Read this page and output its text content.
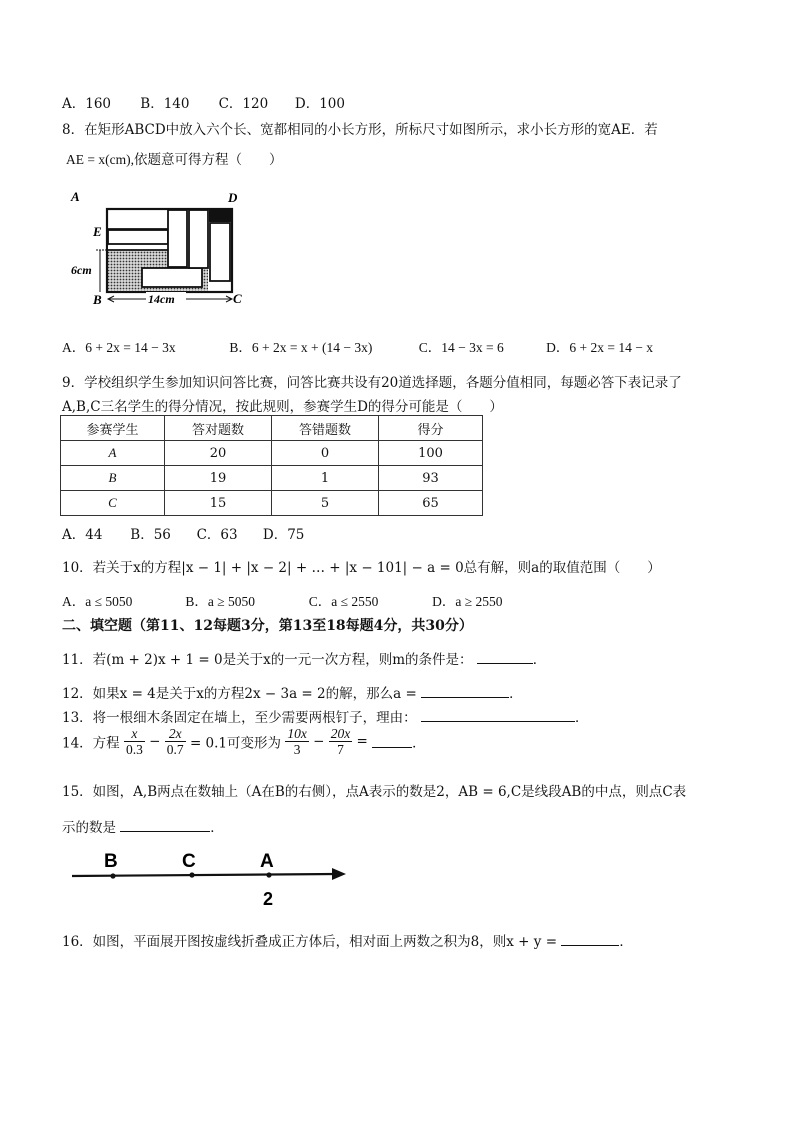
A．160 B．140 C．120 D．100
8．在矩形ABCD中放入六个长、宽都相同的小长方形，所标尺寸如图所示，求小长方形的宽AE．若
AE = x(cm),依题意可得方程（　　）
A	D
E
B	C
6cm
14cm
A．6 + 2x = 14 − 3x	B．6 + 2x = x + (14 − 3x)	C．14 − 3x = 6	D．6 + 2x = 14 − x
9．学校组织学生参加知识问答比赛，问答比赛共设有20道选择题，各题分值相同，每题必答下表记录了
A,B,C三名学生的得分情况，按此规则，参赛学生D的得分可能是（　　）
参赛学生	答对题数	答错题数	得分
A	20	0	100
B	19	1	93
C	15	5	65
A．44 B．56 C．63 D．75
10．若关于x的方程|x − 1| + |x − 2| + … + |x − 101| − a = 0总有解，则a的取值范围（　　）
A．a ≤ 5050	B．a ≥ 5050	C．a ≤ 2550	D．a ≥ 2550
二、填空题（第11、12每题3分，第13至18每题4分，共30分）
11．若(m + 2)x + 1 = 0是关于x的一元一次方程，则m的条件是：	．
12．如果x = 4是关于x的方程2x − 3a = 2的解，那么a =	．
13．将一根细木条固定在墙上，至少需要两根钉子，理由：	．
14．方程 $\frac{x}{0.3} - \frac{2x}{0.7} = 0.1$可变形为 $\frac{10x}{3} - \frac{20x}{7}$ =	．
15．如图，A,B两点在数轴上（A在B的右侧），点A表示的数是2，AB = 6,C是线段AB的中点，则点C表
示的数是	．
B	C	A
2
16．如图，平面展开图按虚线折叠成正方体后，相对面上两数之积为8，则x + y =	．
